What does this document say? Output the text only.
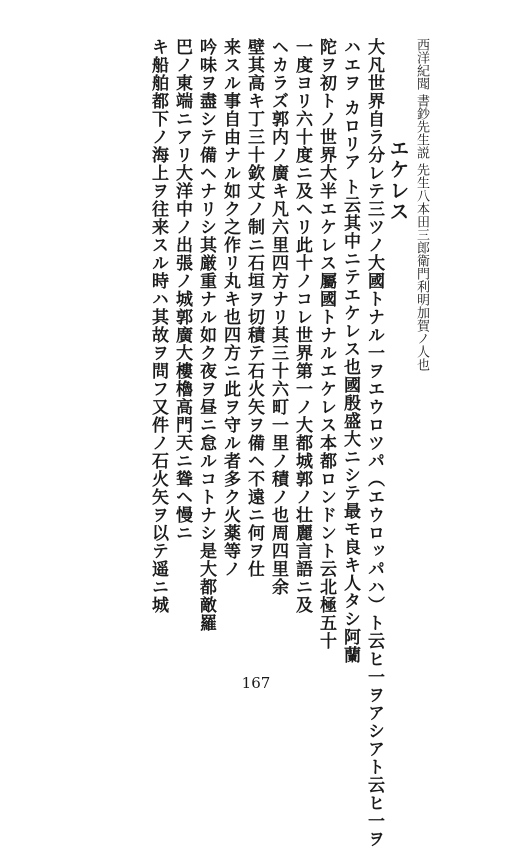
西洋紀聞 書鈔先生説 先生八本田三郎衛門利明加賀ノ人也
エケレス
大凡世界自ラ分レテ三ツノ大國トナル一ヲエウロツパ（エウロッパハ）ト云ヒ一ヲアシアト云ヒ一ヲ
ハエヲ カロリア ト云其中ニテエケレス也國殷盛大ニシテ最モ良キ人タシ阿蘭
陀ヲ初トノ世界大半エケレス屬國トナルエケレス本都ロンドント云北極五十
一度ヨリ六十度ニ及ヘリ此十ノコレ世界第一ノ大都城郭ノ壮麗言語ニ及
ヘカラズ郭内ノ廣キ凡六里四方ナリ其三十六町一里ノ積ノ也周四里余
壁其高キ丁三十欽丈ノ制ニ石垣ヲ切積テ石火矢ヲ備ヘ不遠ニ何ヲ仕
来スル事自由ナル如ク之作リ丸キ也四方ニ此ヲ守ル者多ク火薬等ノ
吟味ヲ盡シテ備ヘナリシ其厳重ナル如ク夜ヲ昼ニ怠ルコトナシ是大都敵羅
巴ノ東端ニアリ大洋中ノ出張ノ城郭廣大樓櫓高門天ニ聳ヘ慢ニ
キ船舶都下ノ海上ヲ往来スル時ハ其故ヲ問フ又件ノ石火矢ヲ以テ遥ニ城
167
